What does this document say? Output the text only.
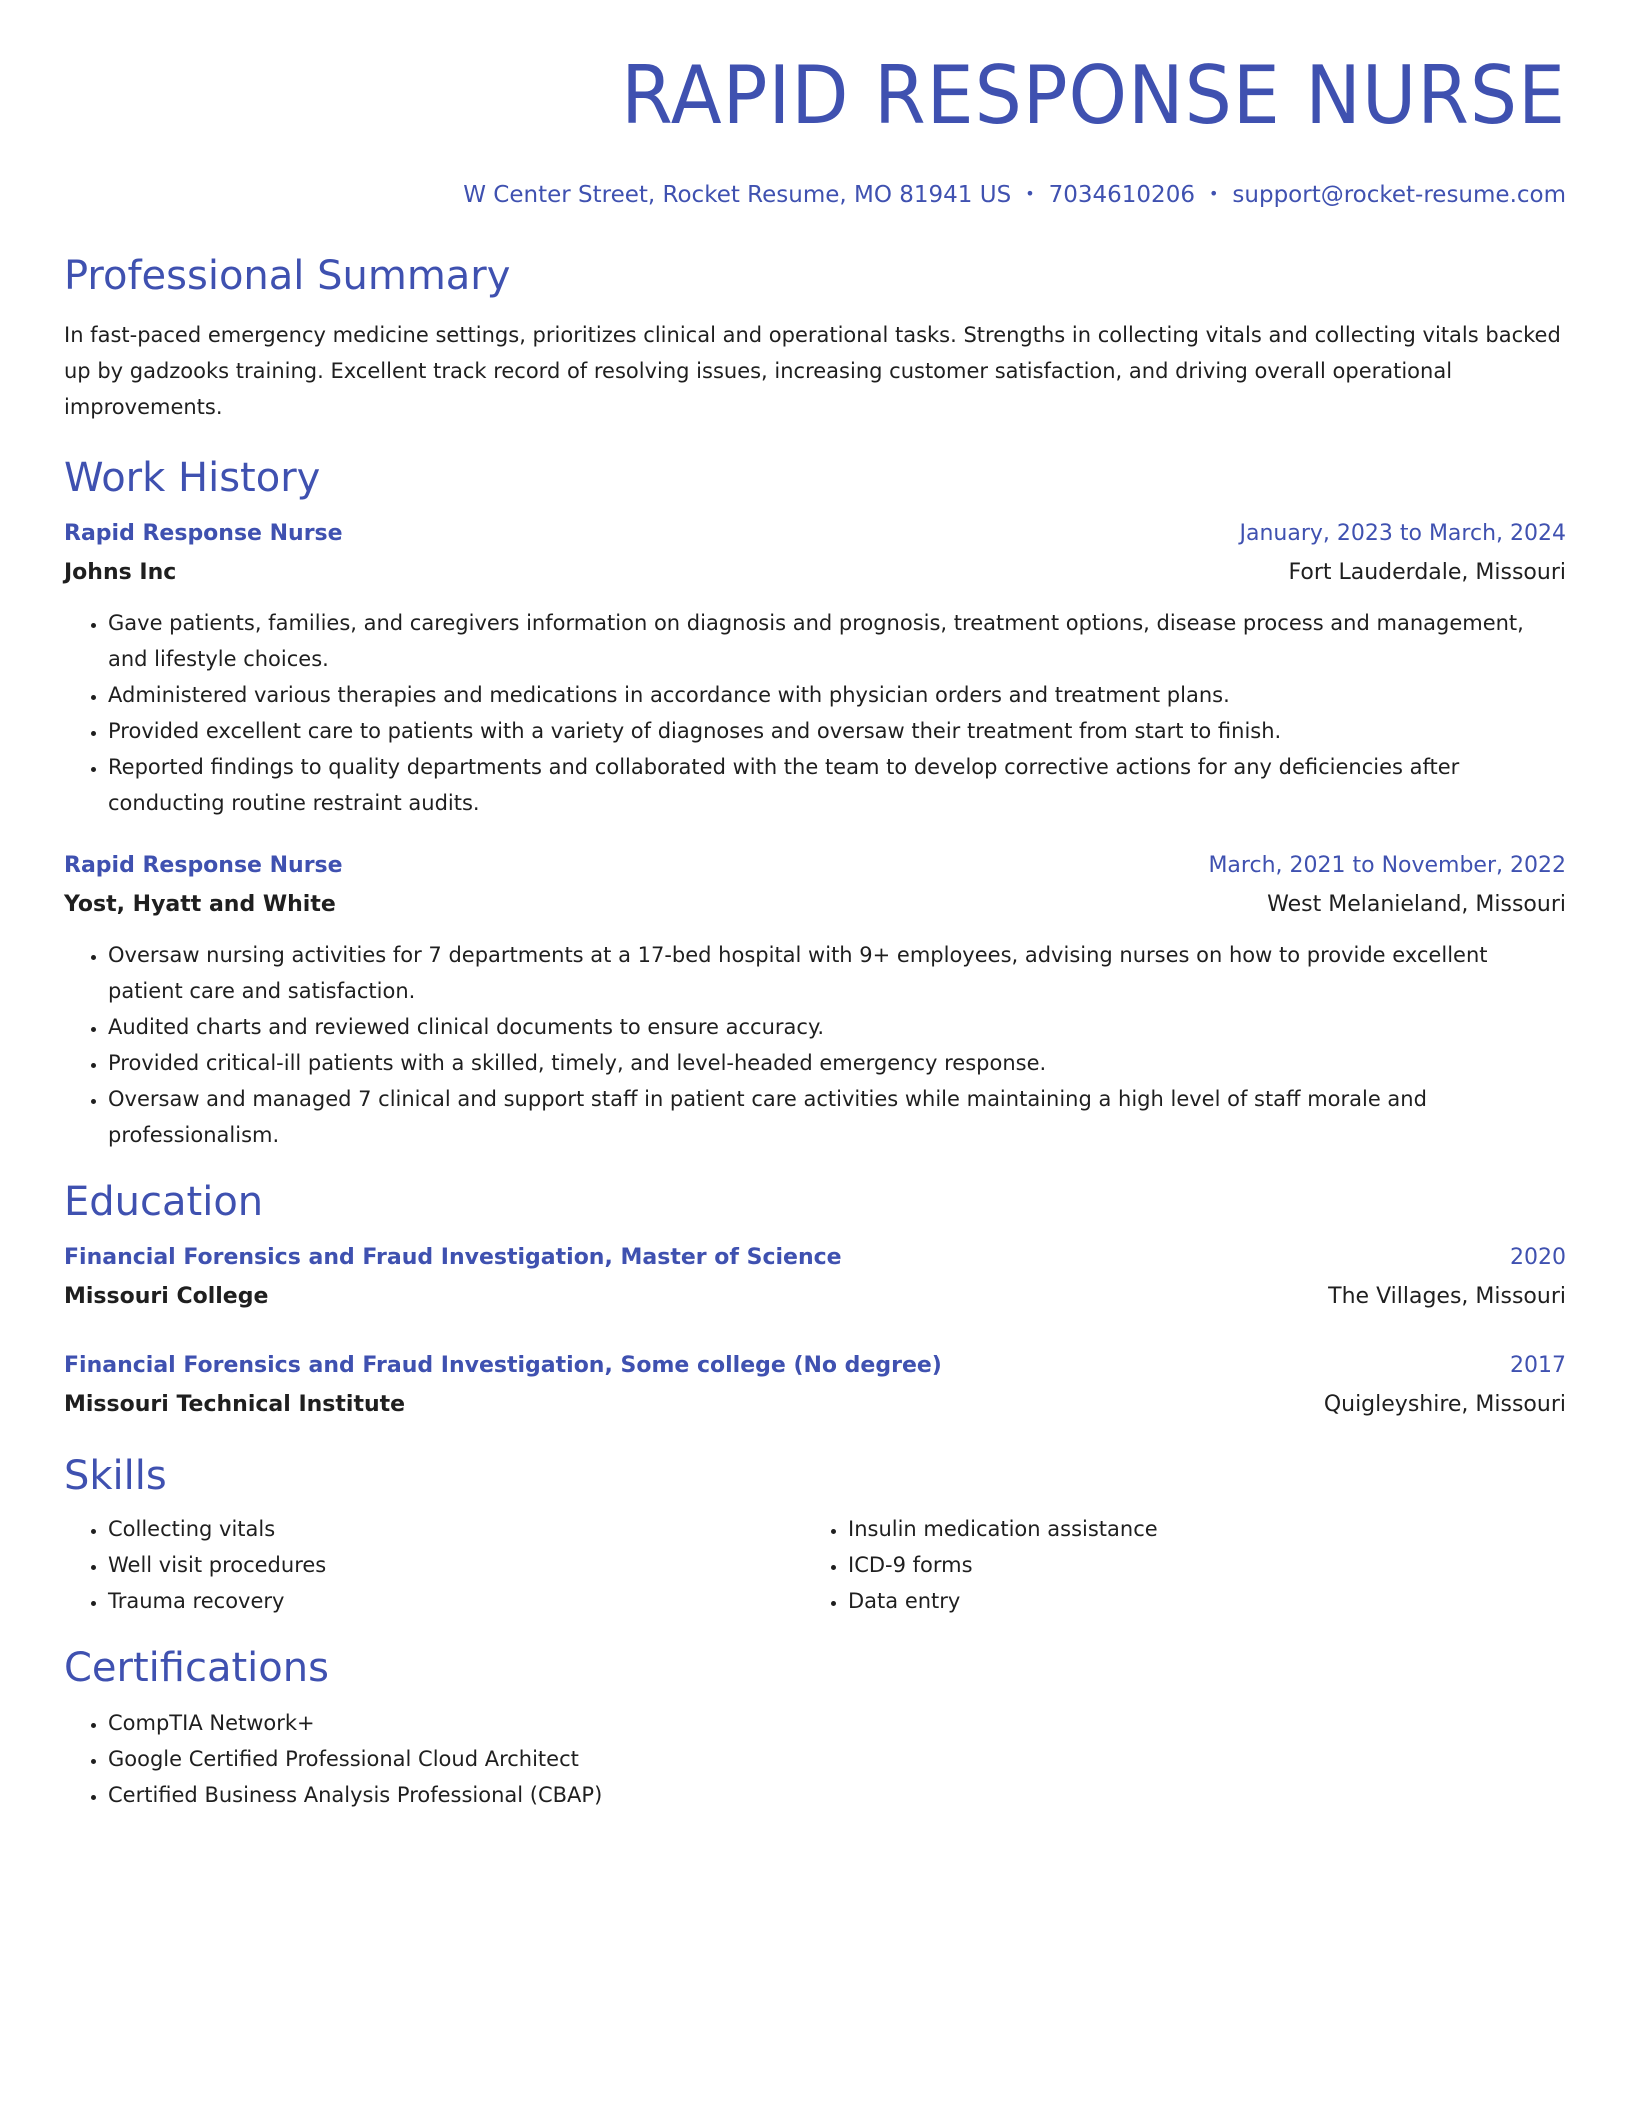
RAPID RESPONSE NURSE
W Center Street, Rocket Resume, MO 81941 US • 7034610206 • support@rocket-resume.com
Professional Summary
In fast-paced emergency medicine settings, prioritizes clinical and operational tasks. Strengths in collecting vitals and collecting vitals backed up by gadzooks training. Excellent track record of resolving issues, increasing customer satisfaction, and driving overall operational improvements.
Work History
Rapid Response Nurse	January, 2023 to March, 2024
Johns Inc	Fort Lauderdale, Missouri
• Gave patients, families, and caregivers information on diagnosis and prognosis, treatment options, disease process and management, and lifestyle choices.
• Administered various therapies and medications in accordance with physician orders and treatment plans.
• Provided excellent care to patients with a variety of diagnoses and oversaw their treatment from start to finish.
• Reported findings to quality departments and collaborated with the team to develop corrective actions for any deficiencies after conducting routine restraint audits.
Rapid Response Nurse	March, 2021 to November, 2022
Yost, Hyatt and White	West Melanieland, Missouri
• Oversaw nursing activities for 7 departments at a 17-bed hospital with 9+ employees, advising nurses on how to provide excellent patient care and satisfaction.
• Audited charts and reviewed clinical documents to ensure accuracy.
• Provided critical-ill patients with a skilled, timely, and level-headed emergency response.
• Oversaw and managed 7 clinical and support staff in patient care activities while maintaining a high level of staff morale and professionalism.
Education
Financial Forensics and Fraud Investigation, Master of Science	2020
Missouri College	The Villages, Missouri
Financial Forensics and Fraud Investigation, Some college (No degree)	2017
Missouri Technical Institute	Quigleyshire, Missouri
Skills
• Collecting vitals
• Well visit procedures
• Trauma recovery
• Insulin medication assistance
• ICD-9 forms
• Data entry
Certifications
• CompTIA Network+
• Google Certified Professional Cloud Architect
• Certified Business Analysis Professional (CBAP)
